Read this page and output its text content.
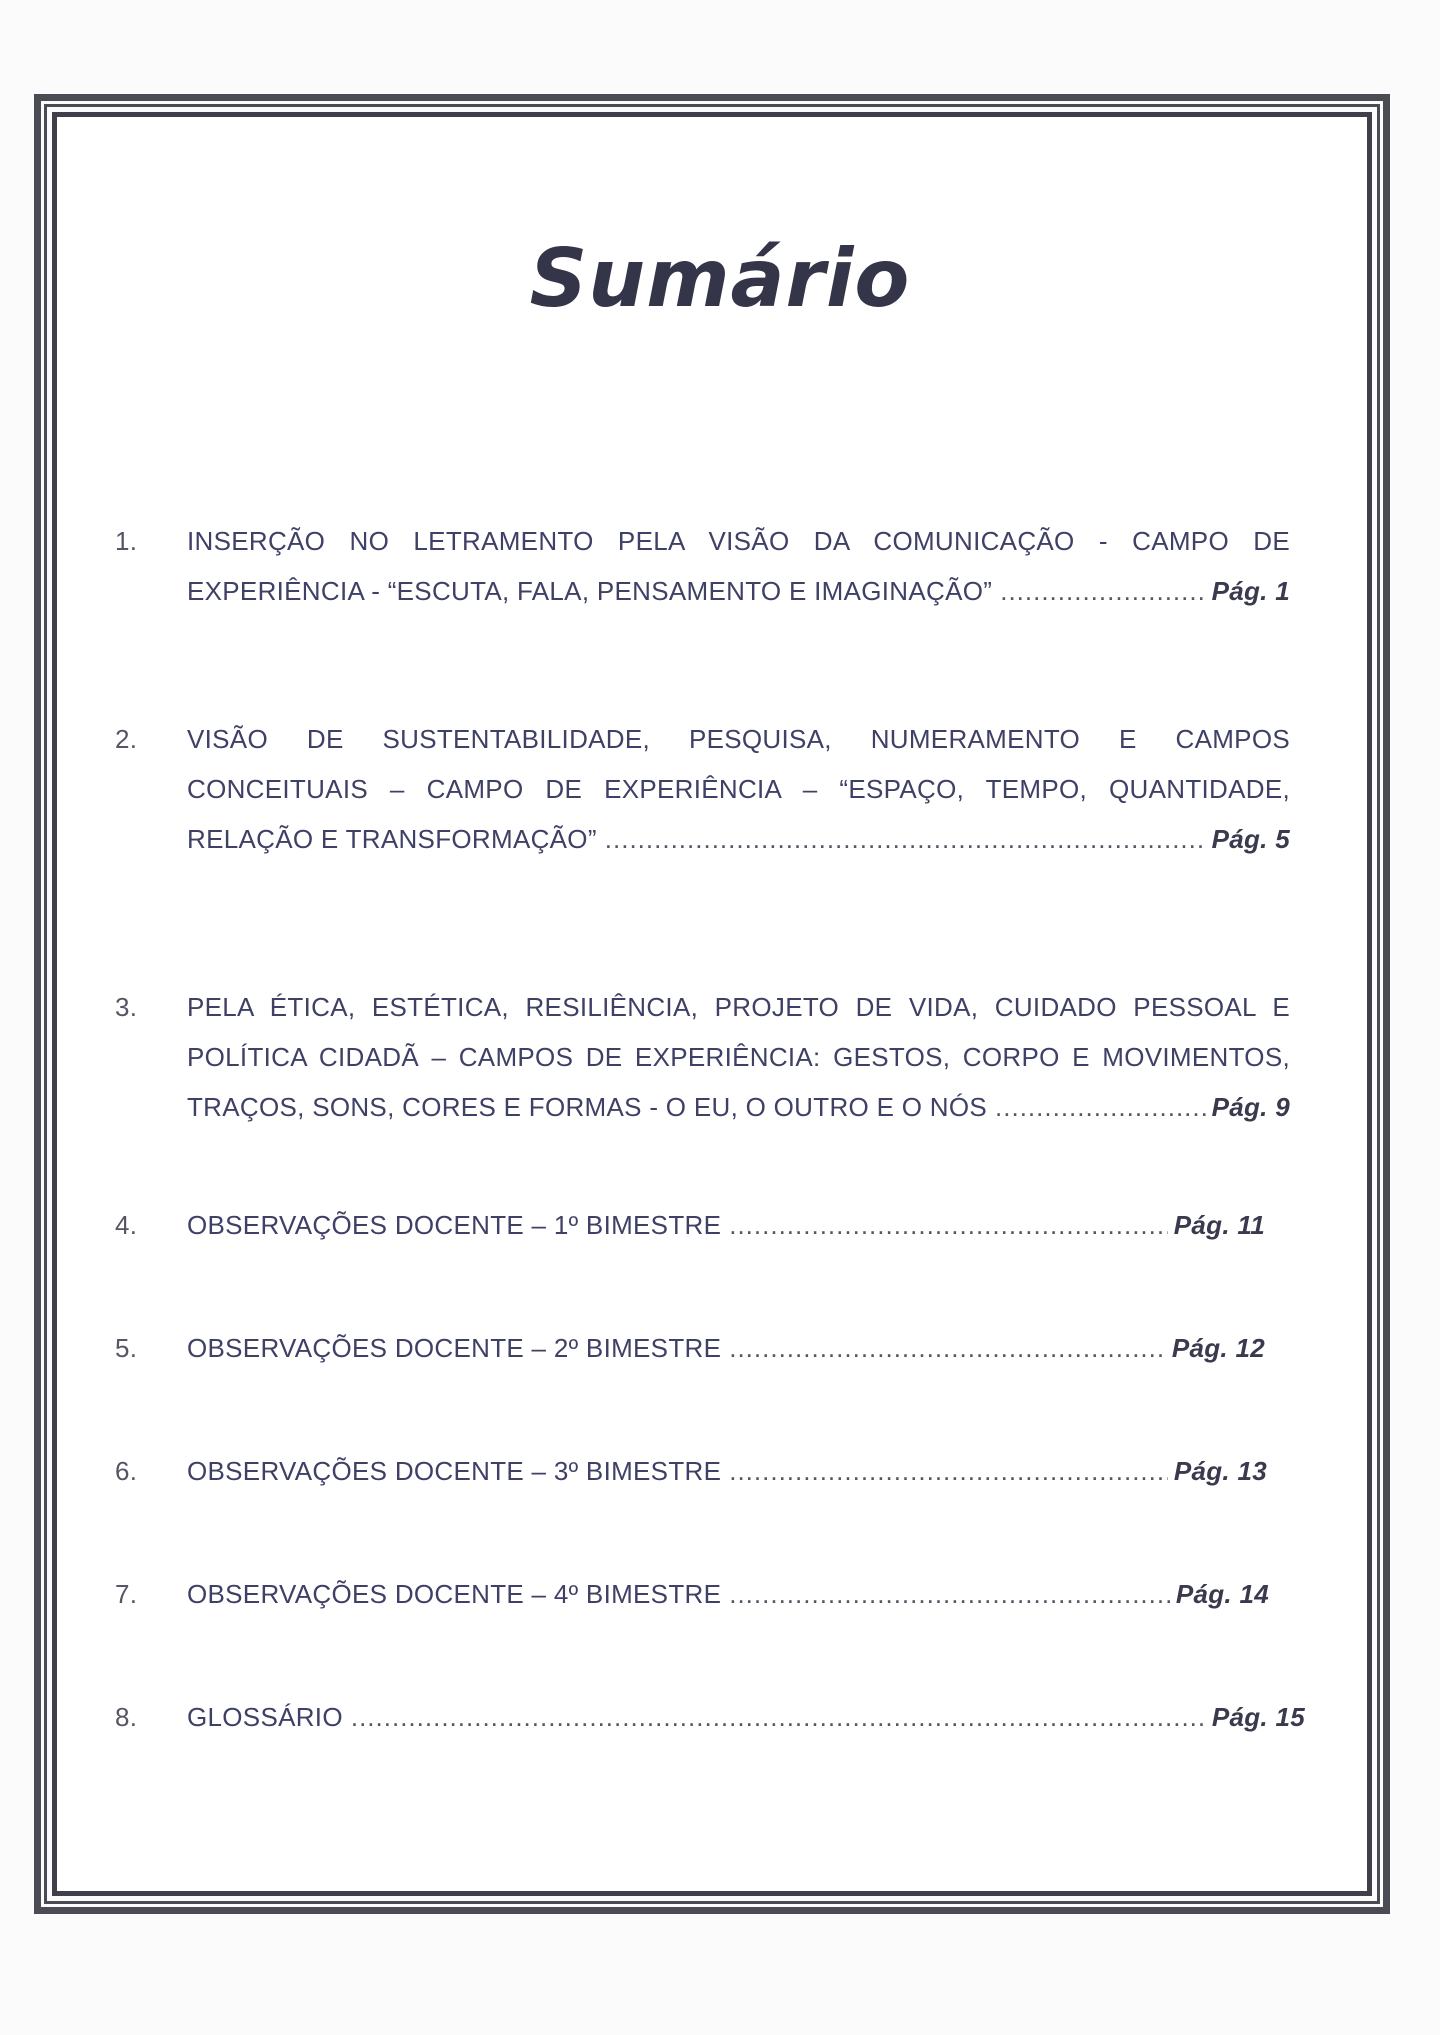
Sumário
1.	INSERÇÃO NO LETRAMENTO PELA VISÃO DA COMUNICAÇÃO - CAMPO DE
EXPERIÊNCIA - “ESCUTA, FALA, PENSAMENTO E IMAGINAÇÃO” .....	Pág. 1
2.	VISÃO DE SUSTENTABILIDADE, PESQUISA, NUMERAMENTO E CAMPOS
CONCEITUAIS – CAMPO DE EXPERIÊNCIA – “ESPAÇO, TEMPO, QUANTIDADE,
RELAÇÃO E TRANSFORMAÇÃO” .....	Pág. 5
3.	PELA ÉTICA, ESTÉTICA, RESILIÊNCIA, PROJETO DE VIDA, CUIDADO PESSOAL E
POLÍTICA CIDADÃ – CAMPOS DE EXPERIÊNCIA: GESTOS, CORPO E MOVIMENTOS,
TRAÇOS, SONS, CORES E FORMAS - O EU, O OUTRO E O NÓS .....	Pág. 9
4.	OBSERVAÇÕES DOCENTE – 1º BIMESTRE .....	Pág. 11
5.	OBSERVAÇÕES DOCENTE – 2º BIMESTRE .....	Pág. 12
6.	OBSERVAÇÕES DOCENTE – 3º BIMESTRE .....	Pág. 13
7.	OBSERVAÇÕES DOCENTE – 4º BIMESTRE .....	Pág. 14
8.	GLOSSÁRIO .....	Pág. 15
